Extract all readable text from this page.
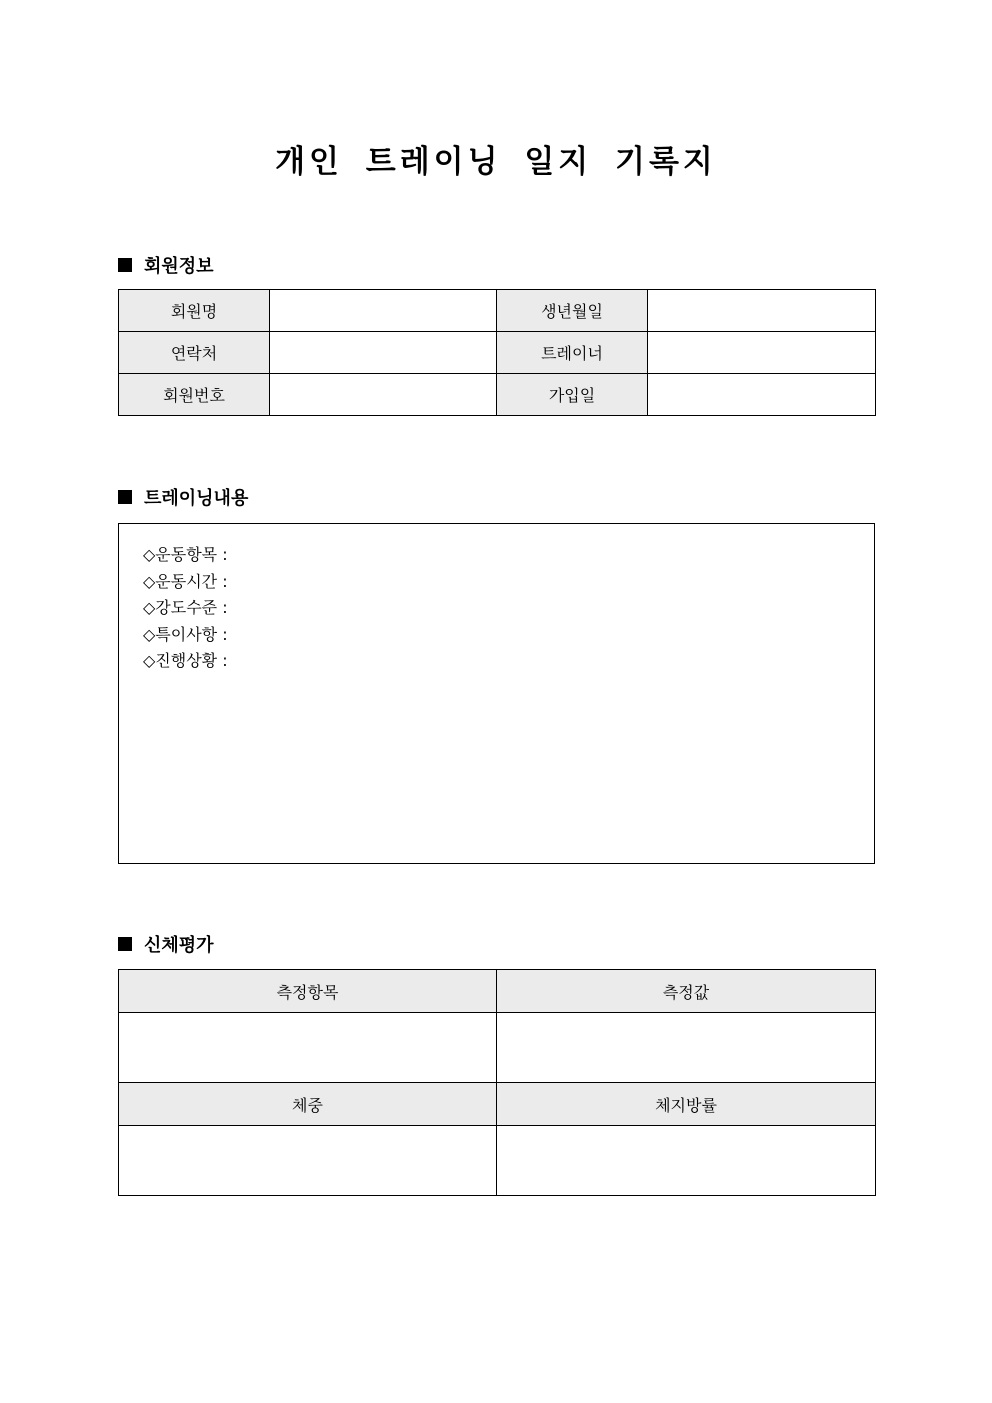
개인 트레이닝 일지 기록지
회원정보
회원명		생년월일	
연락처		트레이너	
회원번호		가입일	
트레이닝내용
◇운동항목 :
◇운동시간 :
◇강도수준 :
◇특이사항 :
◇진행상황 :
신체평가
측정항목	측정값

체중	체지방률
